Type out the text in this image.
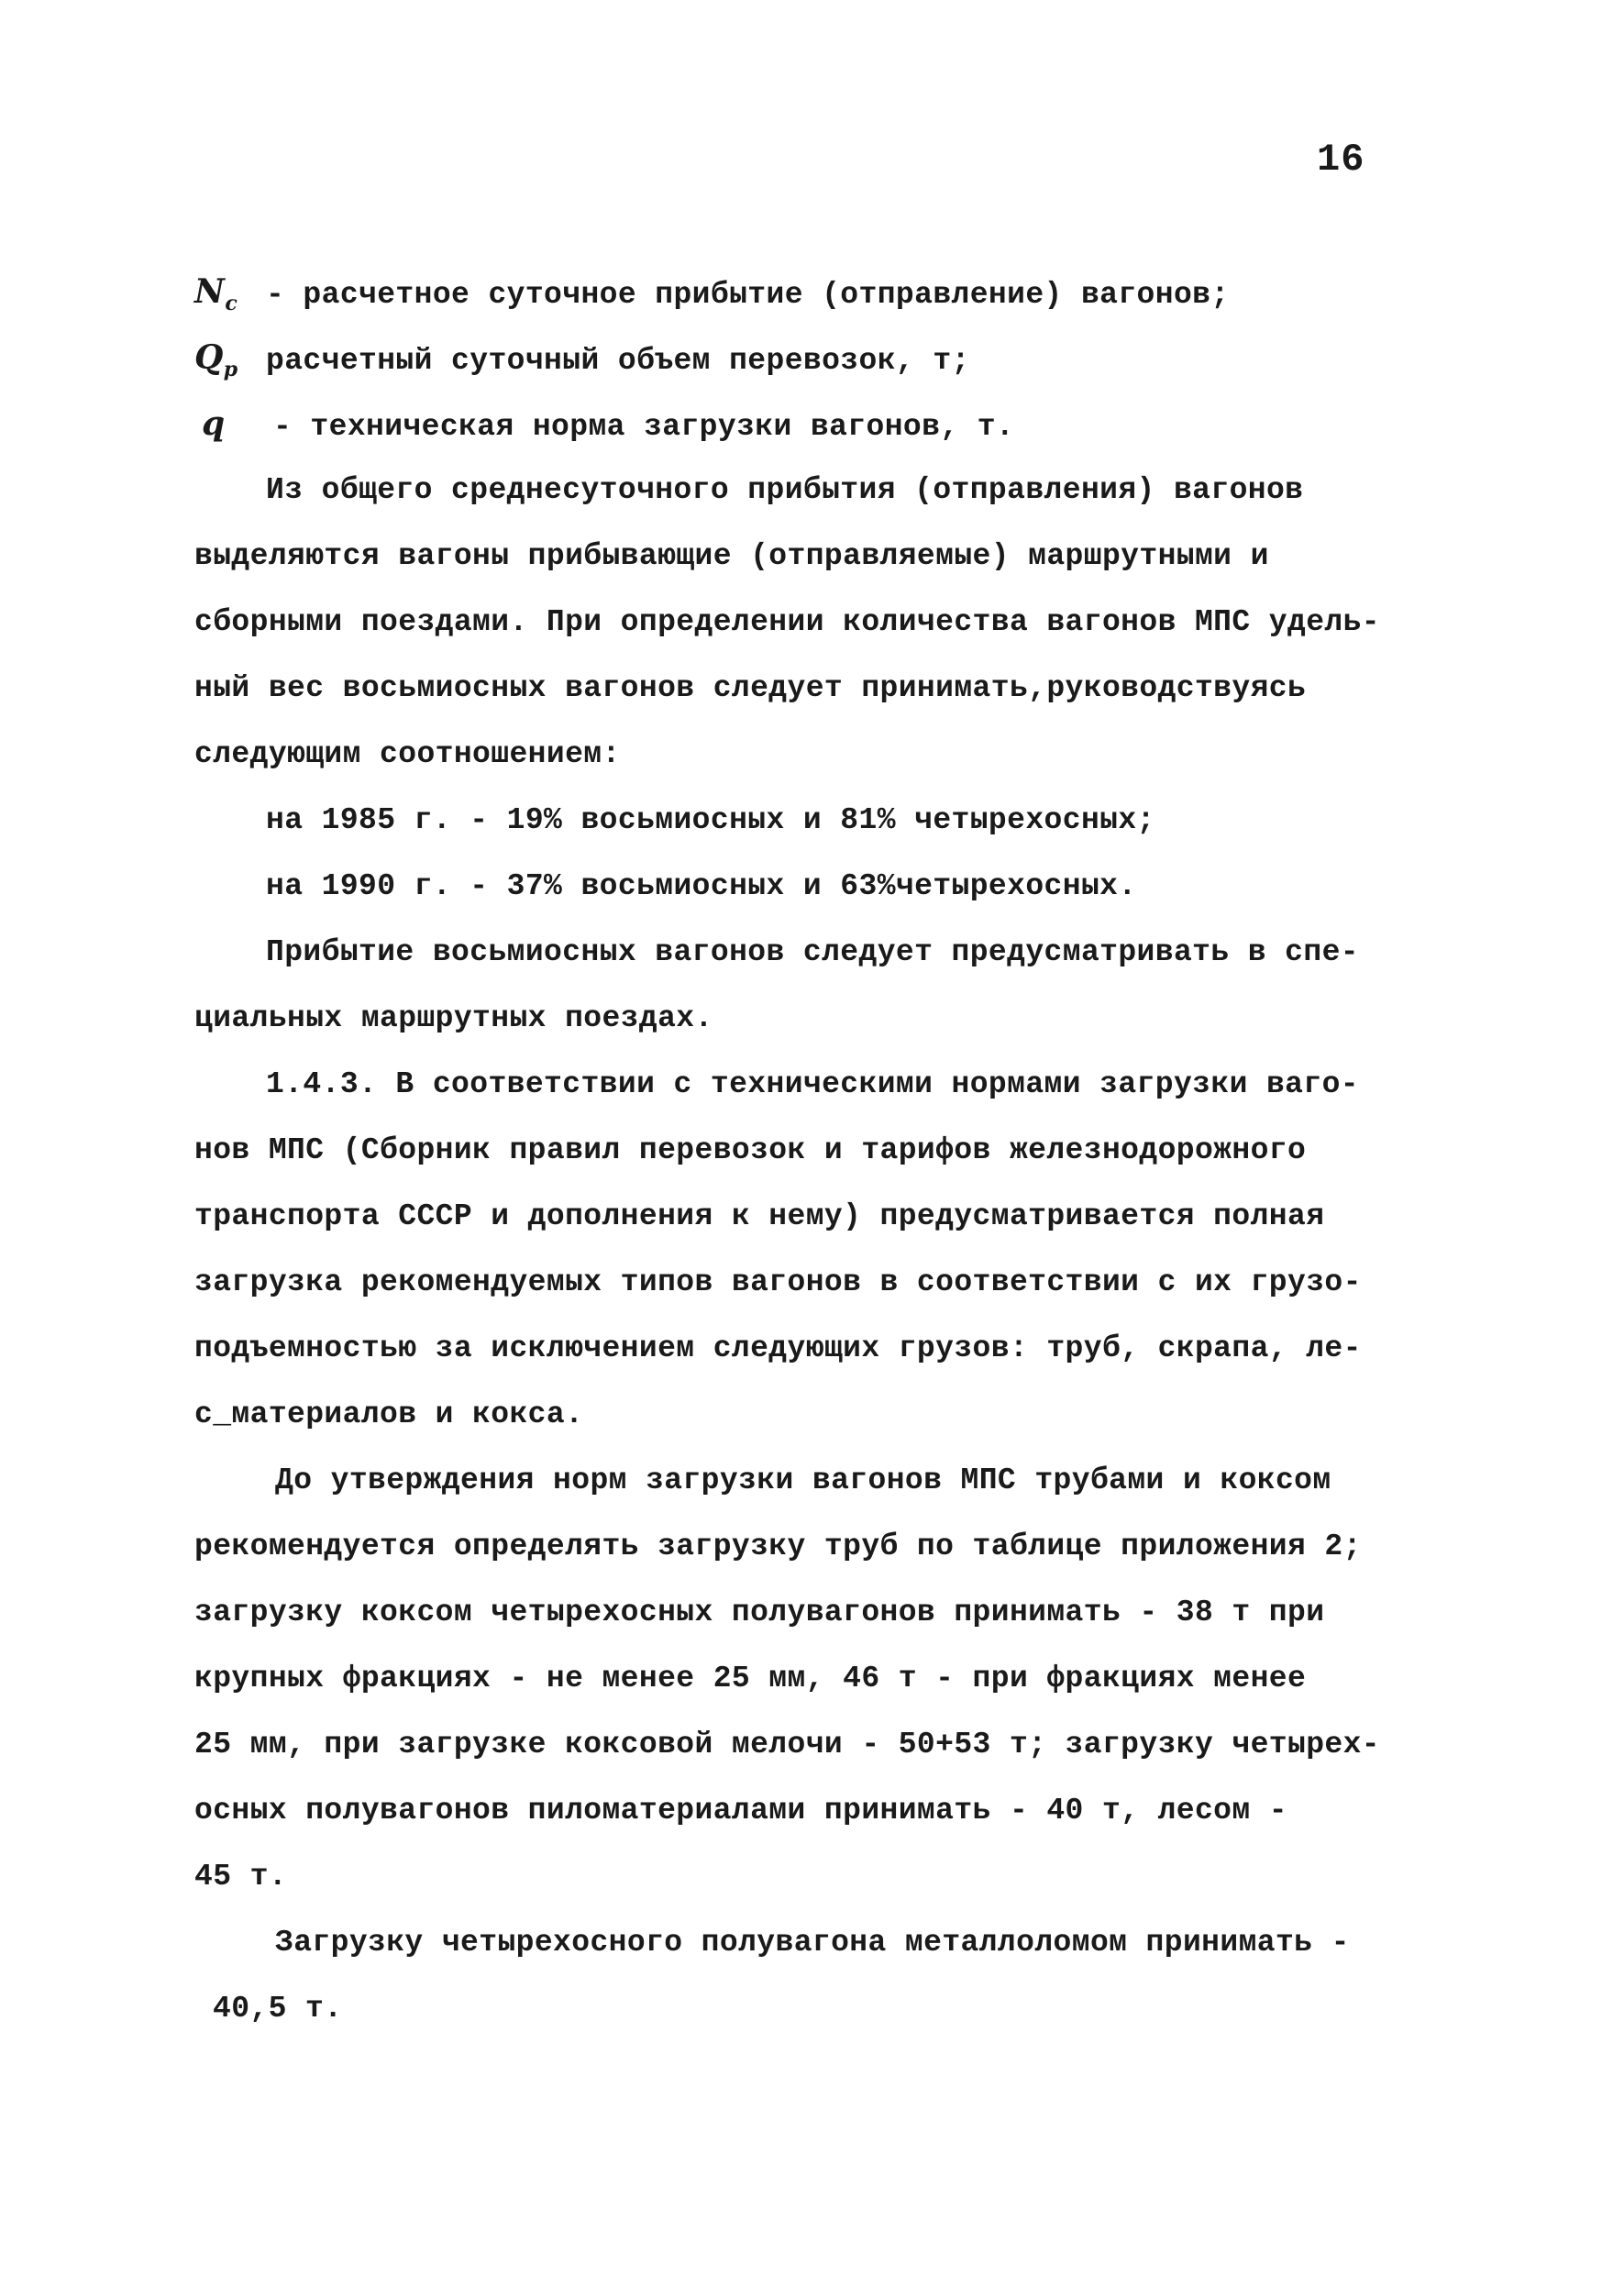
16
$N_c$ - расчетное суточное прибытие (отправление) вагонов;
$Q_p$ расчетный суточный объем перевозок, т;
q - техническая норма загрузки вагонов, т.
Из общего среднесуточного прибытия (отправления) вагонов
выделяются вагоны прибывающие (отправляемые) маршрутными и
сборными поездами. При определении количества вагонов МПС удель-
ный вес восьмиосных вагонов следует принимать,руководствуясь
следующим соотношением:
на 1985 г. - 19% восьмиосных и 81% четырехосных;
на 1990 г. - 37% восьмиосных и 63%четырехосных.
Прибытие восьмиосных вагонов следует предусматривать в спе-
циальных маршрутных поездах.
1.4.3. В соответствии с техническими нормами загрузки ваго-
нов МПС (Сборник правил перевозок и тарифов железнодорожного
транспорта СССР и дополнения к нему) предусматривается полная
загрузка рекомендуемых типов вагонов в соответствии с их грузо-
подъемностью за исключением следующих грузов: труб, скрапа, ле-
с_материалов и кокса.
До утверждения норм загрузки вагонов МПС трубами и коксом
рекомендуется определять загрузку труб по таблице приложения 2;
загрузку коксом четырехосных полувагонов принимать - 38 т при
крупных фракциях - не менее 25 мм, 46 т - при фракциях менее
25 мм, при загрузке коксовой мелочи - 50+53 т; загрузку четырех-
осных полувагонов пиломатериалами принимать - 40 т, лесом -
45 т.
Загрузку четырехосного полувагона металлоломом принимать -
40,5 т.
